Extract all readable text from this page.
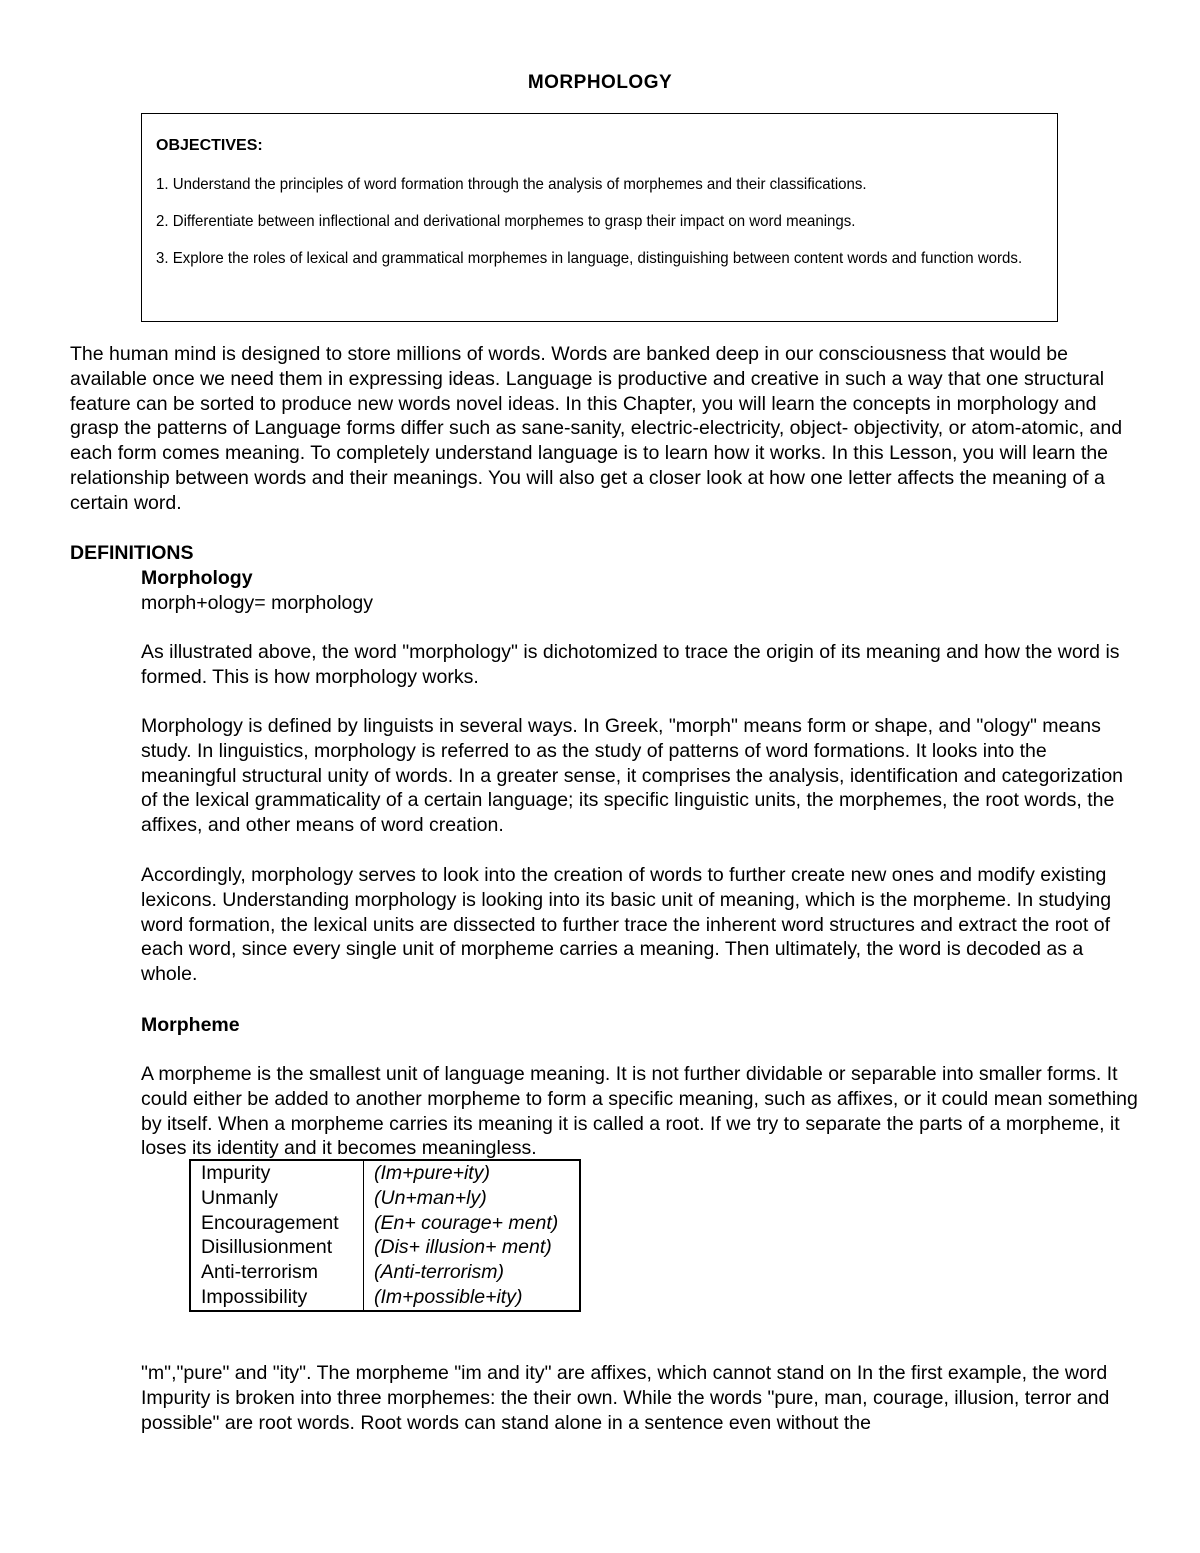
MORPHOLOGY

OBJECTIVES:

1. Understand the principles of word formation through the analysis of morphemes and their classifications.

2. Differentiate between inflectional and derivational morphemes to grasp their impact on word meanings.

3. Explore the roles of lexical and grammatical morphemes in language, distinguishing between content words and function words.

The human mind is designed to store millions of words. Words are banked deep in our consciousness that would be available once we need them in expressing ideas. Language is productive and creative in such a way that one structural feature can be sorted to produce new words novel ideas. In this Chapter, you will learn the concepts in morphology and grasp the patterns of Language forms differ such as sane-sanity, electric-electricity, object- objectivity, or atom-atomic, and each form comes meaning. To completely understand language is to learn how it works. In this Lesson, you will learn the relationship between words and their meanings. You will also get a closer look at how one letter affects the meaning of a certain word.

DEFINITIONS
Morphology

morph+ology= morphology

As illustrated above, the word "morphology" is dichotomized to trace the origin of its meaning and how the word is formed. This is how morphology works.

Morphology is defined by linguists in several ways. In Greek, "morph" means form or shape, and "ology" means study. In linguistics, morphology is referred to as the study of patterns of word formations. It looks into the meaningful structural unity of words. In a greater sense, it comprises the analysis, identification and categorization of the lexical grammaticality of a certain language; its specific linguistic units, the morphemes, the root words, the affixes, and other means of word creation.

Accordingly, morphology serves to look into the creation of words to further create new ones and modify existing lexicons. Understanding morphology is looking into its basic unit of meaning, which is the morpheme. In studying word formation, the lexical units are dissected to further trace the inherent word structures and extract the root of each word, since every single unit of morpheme carries a meaning. Then ultimately, the word is decoded as a whole.

Morpheme

A morpheme is the smallest unit of language meaning. It is not further dividable or separable into smaller forms. It could either be added to another morpheme to form a specific meaning, such as affixes, or it could mean something by itself. When a morpheme carries its meaning it is called a root. If we try to separate the parts of a morpheme, it loses its identity and it becomes meaningless.

Impurity	(Im+pure+ity)
Unmanly	(Un+man+ly)
Encouragement	(En+ courage+ ment)
Disillusionment	(Dis+ illusion+ ment)
Anti-terrorism	(Anti-terrorism)
Impossibility	(Im+possible+ity)

"m","pure" and "ity". The morpheme "im and ity" are affixes, which cannot stand on In the first example, the word Impurity is broken into three morphemes: the their own. While the words "pure, man, courage, illusion, terror and possible" are root words. Root words can stand alone in a sentence even without the
